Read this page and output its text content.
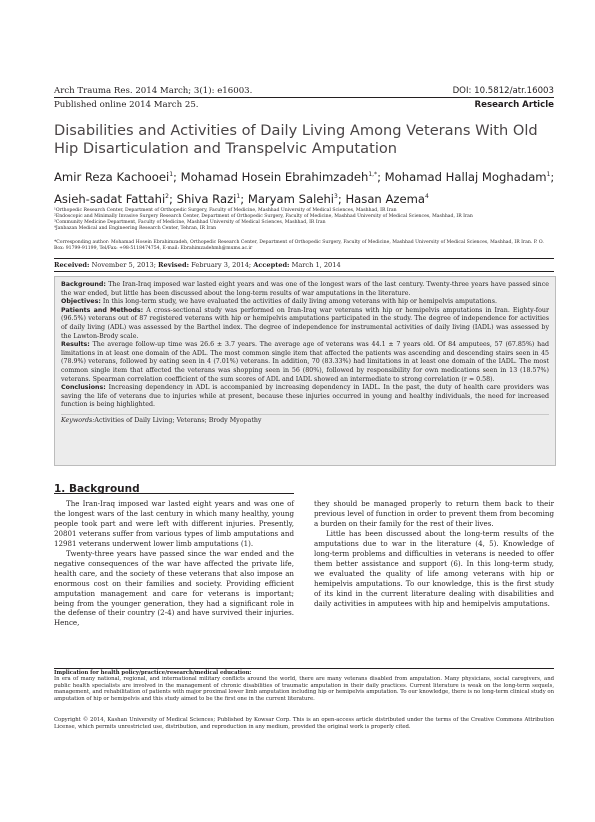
Arch Trauma Res. 2014 March; 3(1): e16003.	DOI: 10.5812/atr.16003
Published online 2014 March 25.	Research Article
Disabilities and Activities of Daily Living Among Veterans With Old Hip Disarticulation and Transpelvic Amputation
Amir Reza Kachooei$^1$; Mohamad Hosein Ebrahimzadeh$^{1,*}$; Mohamad Hallaj Moghadam$^1$;
Asieh-sadat Fattahi$^2$; Shiva Razi$^1$; Maryam Salehi$^3$; Hasan Azema$^4$
¹Orthopedic Research Center, Department of Orthopedic Surgery, Faculty of Medicine, Mashhad University of Medical Sciences, Mashhad, IR Iran
²Endoscopic and Minimally Invasive Surgery Research Center, Department of Orthopedic Surgery, Faculty of Medicine, Mashhad University of Medical Sciences, Mashhad, IR Iran
³Community Medicine Department, Faculty of Medicine, Mashhad University of Medical Sciences, Mashhad, IR Iran
⁴Janbazan Medical and Engineering Research Center, Tehran, IR Iran
*Corresponding author: Mohamad Hosein Ebrahimzadeh, Orthopedic Research Center, Department of Orthopedic Surgery, Faculty of Medicine, Mashhad University of Medical Sciences, Mashhad, IR Iran. P. O. Box: 91799-91199, Tel/Fax: +98-5118474754, E-mail: Ebrahimzadehmh@mums.ac.ir
Received: November 5, 2013; Revised: February 3, 2014; Accepted: March 1, 2014

Background: The Iran-Iraq imposed war lasted eight years and was one of the longest wars of the last century. Twenty-three years have passed since the war ended, but little has been discussed about the long-term results of war amputations in the literature.

Objectives: In this long-term study, we have evaluated the activities of daily living among veterans with hip or hemipelvis amputations.

Patients and Methods: A cross-sectional study was performed on Iran-Iraq war veterans with hip or hemipelvis amputations in Iran. Eighty-four (96.5%) veterans out of 87 registered veterans with hip or hemipelvis amputations participated in the study. The degree of independence for activities of daily living (ADL) was assessed by the Barthel index. The degree of independence for instrumental activities of daily living (IADL) was assessed by the Lawton-Brody scale.

Results: The average follow-up time was 26.6 ± 3.7 years. The average age of veterans was 44.1 ± 7 years old. Of 84 amputees, 57 (67.85%) had limitations in at least one domain of the ADL. The most common single item that affected the patients was ascending and descending stairs seen in 45 (78.9%) veterans, followed by eating seen in 4 (7.01%) veterans. In addition, 70 (83.33%) had limitations in at least one domain of the IADL. The most common single item that affected the veterans was shopping seen in 56 (80%), followed by responsibility for own medications seen in 13 (18.57%) veterans. Spearman correlation coefficient of the sum scores of ADL and IADL showed an intermediate to strong correlation (r = 0.58).

Conclusions: Increasing dependency in ADL is accompanied by increasing dependency in IADL. In the past, the duty of health care providers was saving the life of veterans due to injuries while at present, because these injuries occurred in young and healthy individuals, the need for increased function is being highlighted.

Keywords:Activities of Daily Living; Veterans; Brody Myopathy

1. Background

The Iran-Iraq imposed war lasted eight years and was one of the longest wars of the last century in which many healthy, young people took part and were left with different injuries. Presently, 20801 veterans suffer from various types of limb amputations and 12981 veterans underwent lower limb amputations (1).

Twenty-three years have passed since the war ended and the negative consequences of the war have affected the private life, health care, and the society of these veterans that also impose an enormous cost on their families and society. Providing efficient amputation management and care for veterans is important; being from the younger generation, they had a significant role in the defense of their country (2-4) and have survived their injuries. Hence,

they should be managed properly to return them back to their previous level of function in order to prevent them from becoming a burden on their family for the rest of their lives.

Little has been discussed about the long-term results of the amputations due to war in the literature (4, 5). Knowledge of long-term problems and difficulties in veterans is needed to offer them better assistance and support (6). In this long-term study, we evaluated the quality of life among veterans with hip or hemipelvis amputations. To our knowledge, this is the first study of its kind in the current literature dealing with disabilities and daily activities in amputees with hip and hemipelvis amputations.

Implication for health policy/practice/research/medical education:
In era of many national, regional, and international military conflicts around the world, there are many veterans disabled from amputation. Many physicians, social caregivers, and public health specialists are involved in the management of chronic disabilities of traumatic amputation in their daily practices. Current literature is weak on the long-term sequels, management, and rehabilitation of patients with major proximal lower limb amputation including hip or hemipelvis amputation. To our knowledge, there is no long-term clinical study on amputation of hip or hemipelvis and this study aimed to be the first one in the current literature.
Copyright © 2014, Kashan University of Medical Sciences; Published by Kowsar Corp. This is an open-access article distributed under the terms of the Creative Commons Attribution License, which permits unrestricted use, distribution, and reproduction in any medium, provided the original work is properly cited.
